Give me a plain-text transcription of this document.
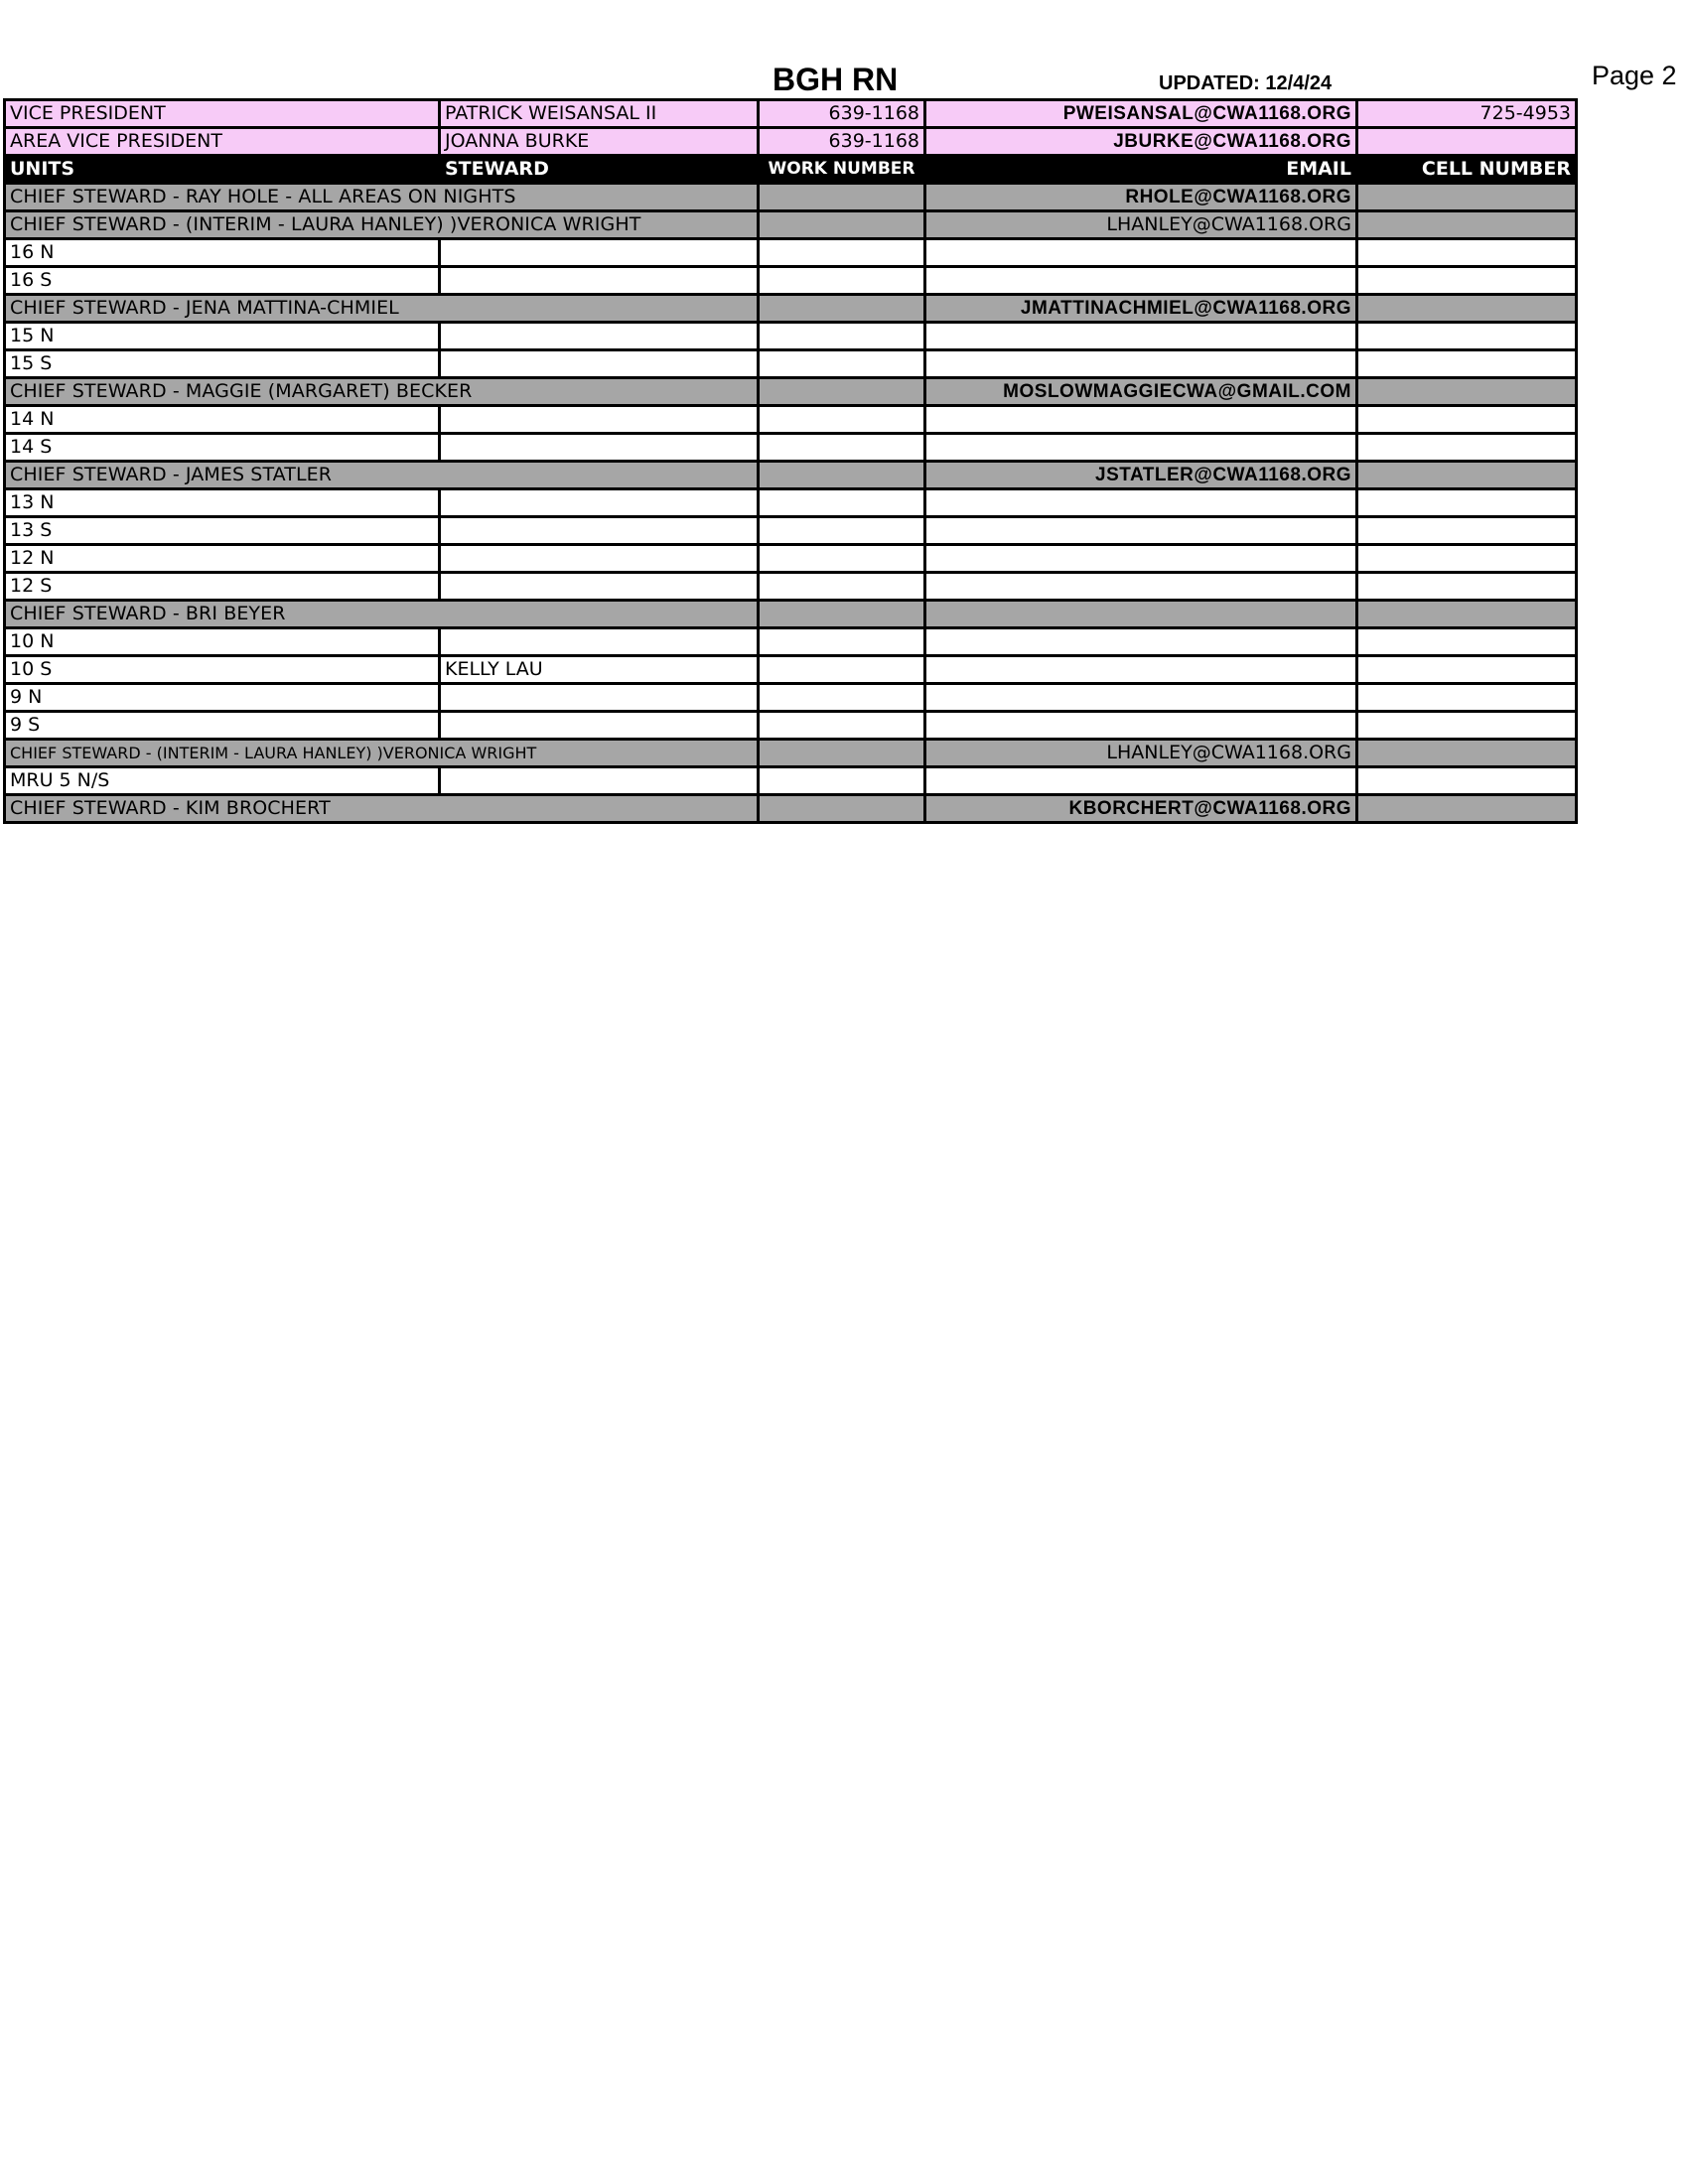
BGH RN	UPDATED: 12/4/24	Page 2
VICE PRESIDENT	PATRICK WEISANSAL II	639-1168	PWEISANSAL@CWA1168.ORG	725-4953
AREA VICE PRESIDENT	JOANNA BURKE	639-1168	JBURKE@CWA1168.ORG	
UNITS	STEWARD	WORK NUMBER	EMAIL	CELL NUMBER
CHIEF STEWARD - RAY HOLE - ALL AREAS ON NIGHTS			RHOLE@CWA1168.ORG	
CHIEF STEWARD - (INTERIM - LAURA HANLEY) )VERONICA WRIGHT			LHANLEY@CWA1168.ORG	
16 N				
16 S				
CHIEF STEWARD - JENA MATTINA-CHMIEL			JMATTINACHMIEL@CWA1168.ORG	
15 N				
15 S				
CHIEF STEWARD - MAGGIE (MARGARET) BECKER			MOSLOWMAGGIECWA@GMAIL.COM	
14 N				
14 S				
CHIEF STEWARD - JAMES STATLER			JSTATLER@CWA1168.ORG	
13 N				
13 S				
12 N				
12 S				
CHIEF STEWARD - BRI BEYER				
10 N				
10 S	KELLY LAU			
9 N				
9 S				
CHIEF STEWARD - (INTERIM - LAURA HANLEY) )VERONICA WRIGHT			LHANLEY@CWA1168.ORG	
MRU 5 N/S				
CHIEF STEWARD - KIM BROCHERT			KBORCHERT@CWA1168.ORG	
